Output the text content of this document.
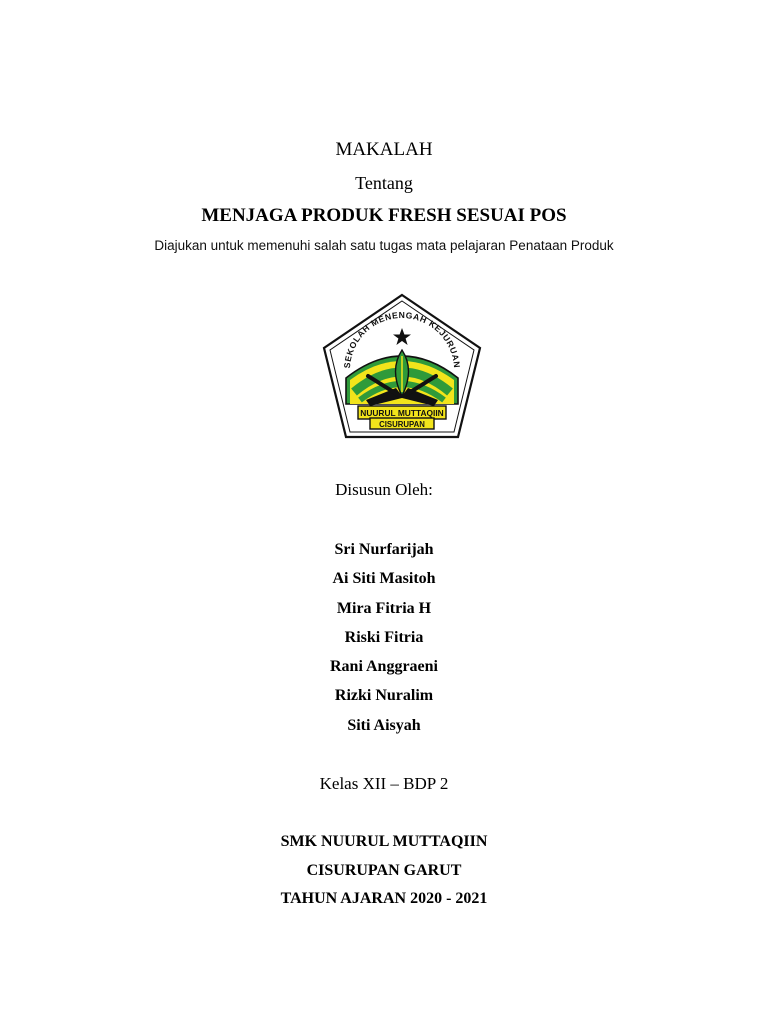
MAKALAH
Tentang
MENJAGA PRODUK FRESH SESUAI POS
Diajukan untuk memenuhi salah satu tugas mata pelajaran Penataan Produk
SEKOLAH MENENGAH KEJURUAN
NUURUL MUTTAQIIN
CISURUPAN
Disusun Oleh:
Sri Nurfarijah
Ai Siti Masitoh
Mira Fitria H
Riski Fitria
Rani Anggraeni
Rizki Nuralim
Siti Aisyah
Kelas XII – BDP 2
SMK NUURUL MUTTAQIIN
CISURUPAN GARUT
TAHUN AJARAN 2020 - 2021
